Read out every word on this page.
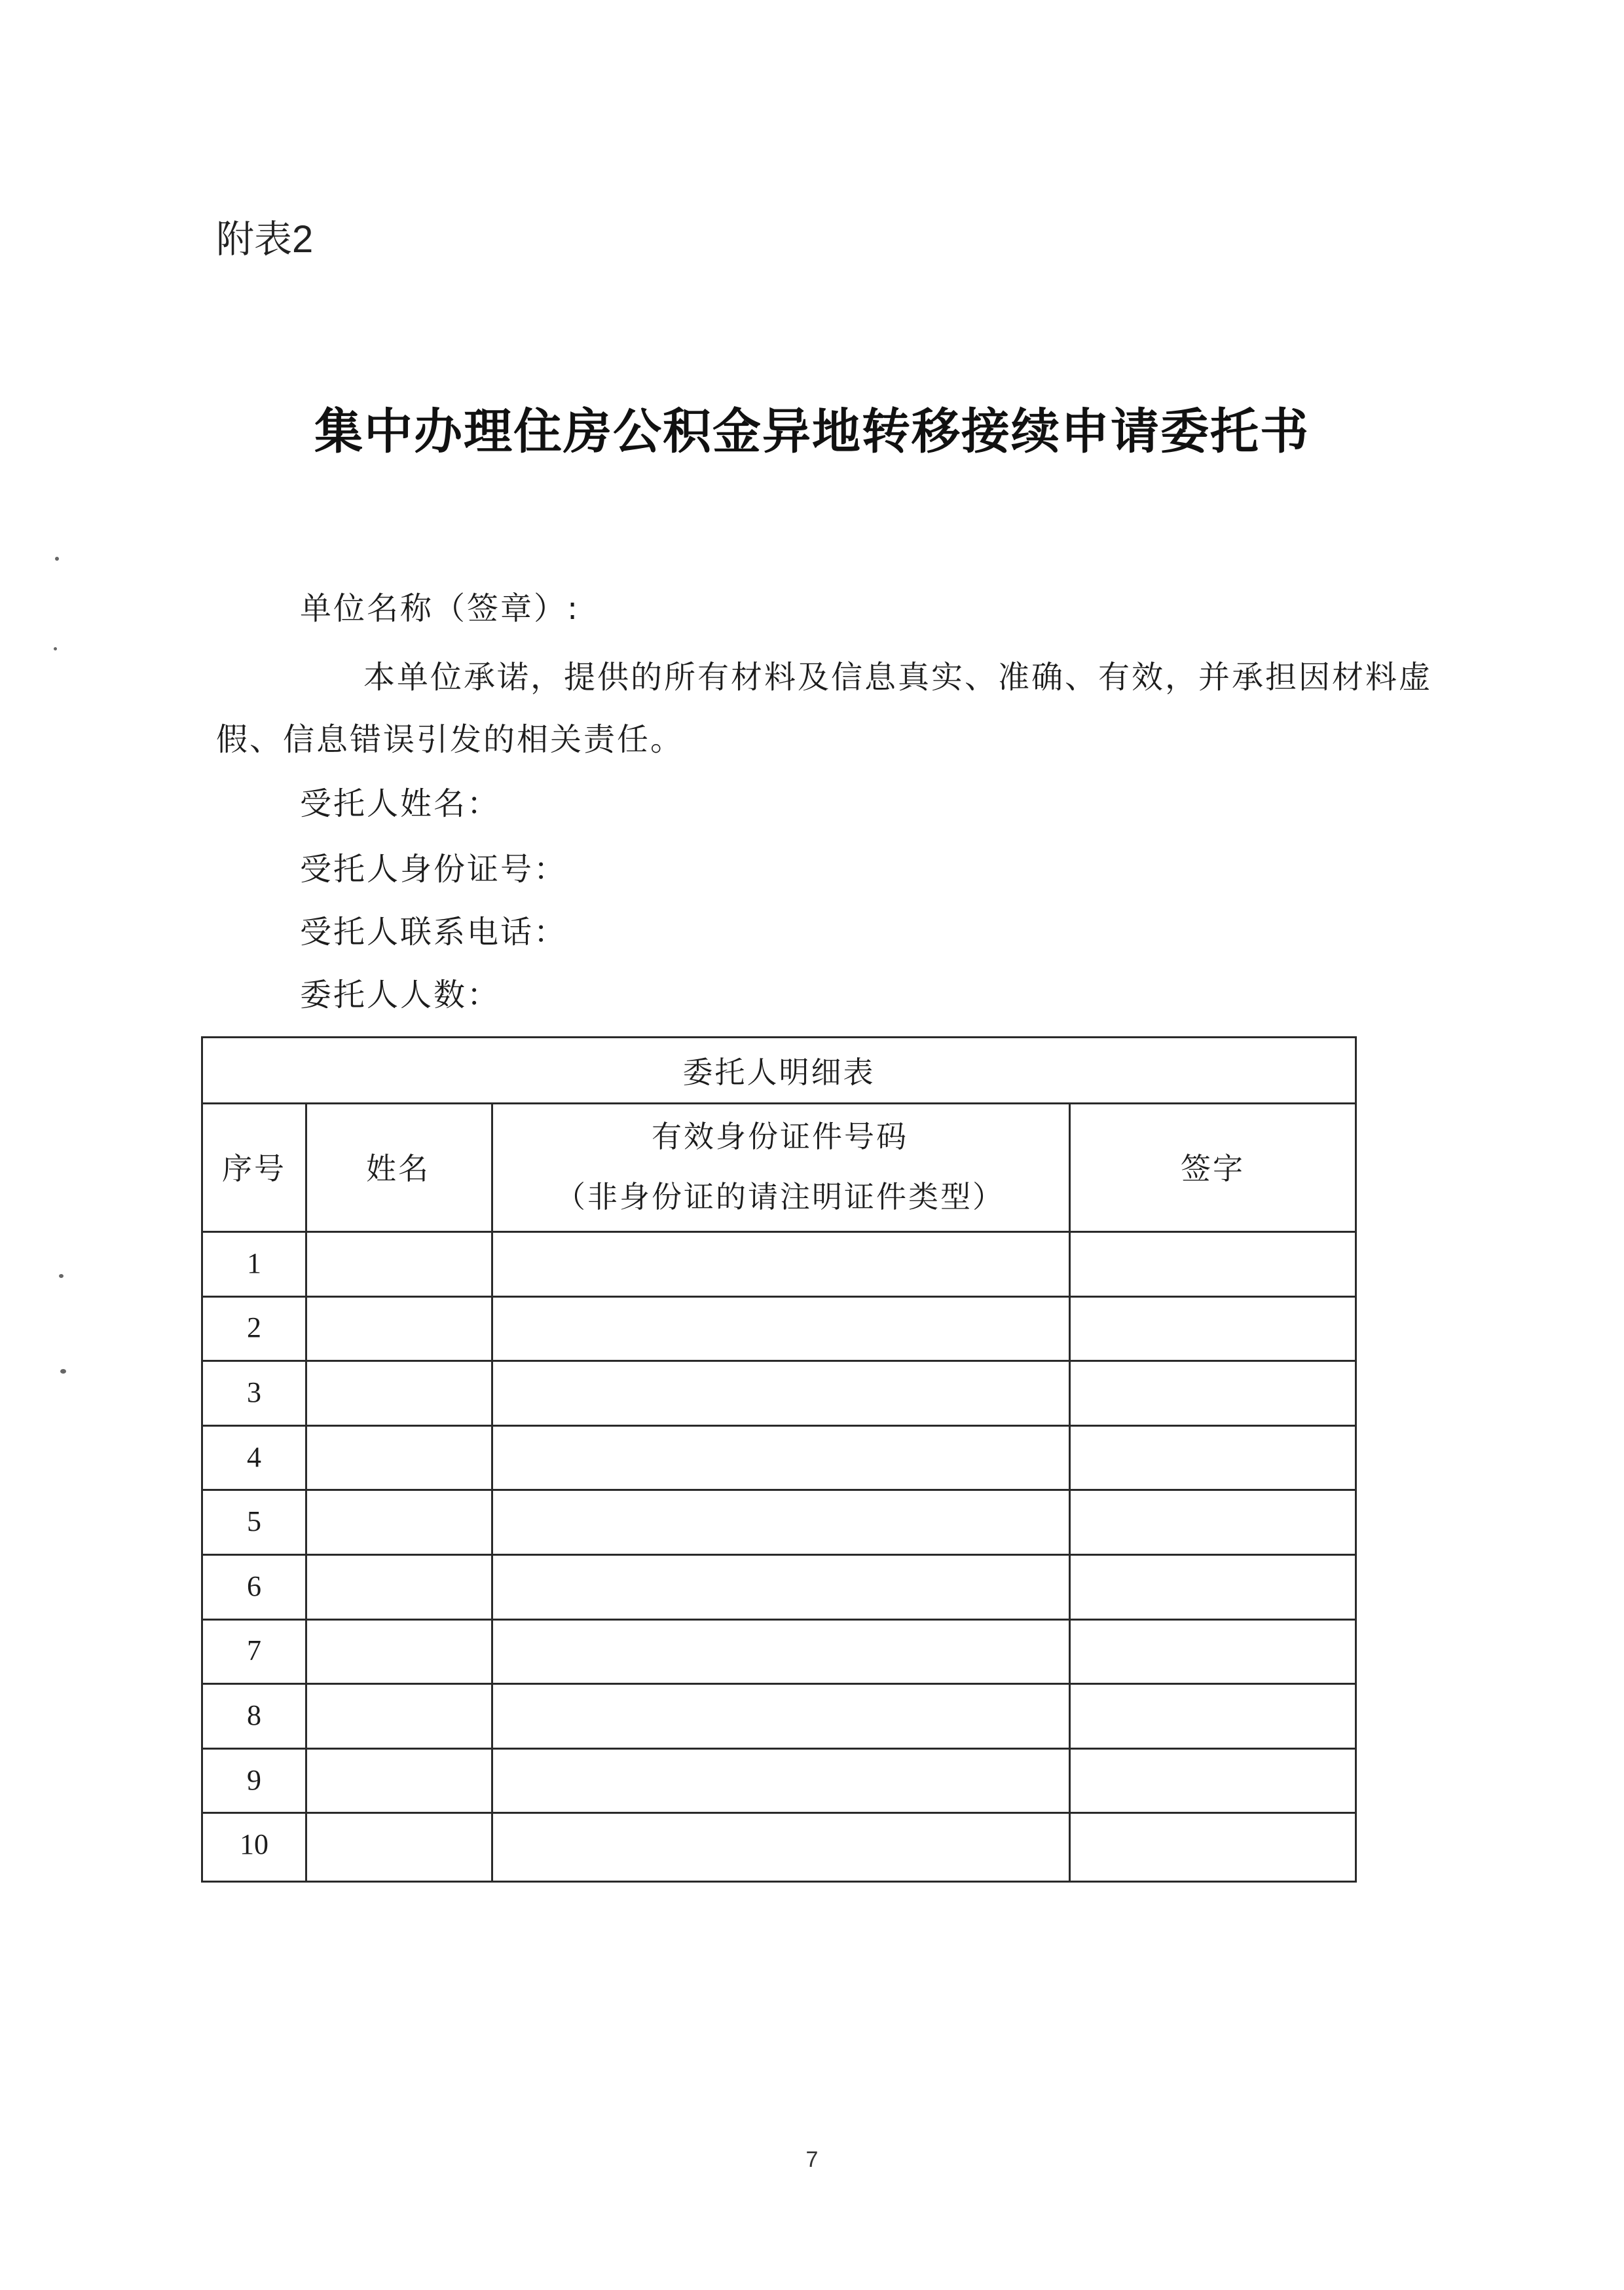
附表2
集中办理住房公积金异地转移接续申请委托书
单位名称（签章）:
本单位承诺，提供的所有材料及信息真实、准确、有效，并承担因材料虚
假、信息错误引发的相关责任。
受托人姓名：
受托人身份证号：
受托人联系电话：
委托人人数：
委托人明细表
序号	姓名
有效身份证件号码
（非身份证的请注明证件类型）
签字
1
2
3
4
5
6
7
8
9
10
7
